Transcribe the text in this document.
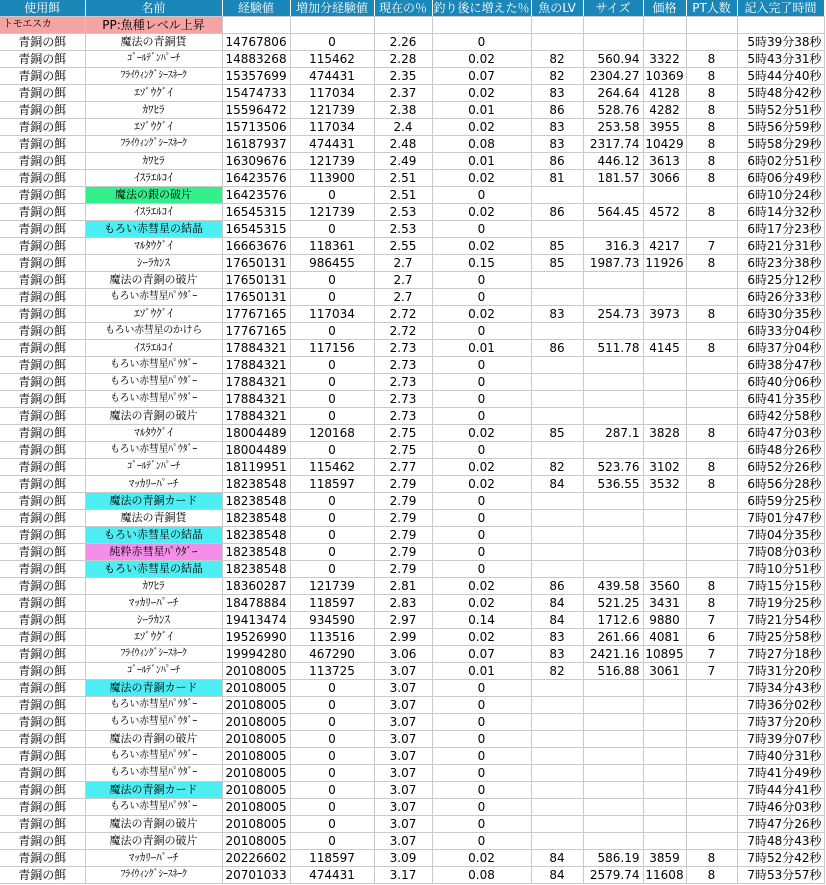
使用餌	名前	経験値	増加分経験値	現在の％	釣り後に増えた％	魚のLV	サイズ	価格	PT人数	記入完了時間
トモエスカ	PP:魚種レベル上昇									
青銅の餌	魔法の青銅貨	14767806	0	2.26	0					5時39分38秒
青銅の餌	ｺﾞｰﾙﾃﾞﾝﾊﾟｰﾁ	14883268	115462	2.28	0.02	82	560.94	3322	8	5時43分31秒
青銅の餌	ﾌﾗｲｳｨﾝｸﾞｼｰｽﾈｰｸ	15357699	474431	2.35	0.07	82	2304.27	10369	8	5時44分40秒
青銅の餌	ｴｿﾞｳｸﾞｲ	15474733	117034	2.37	0.02	83	264.64	4128	8	5時48分42秒
青銅の餌	ｶﾜﾋﾗ	15596472	121739	2.38	0.01	86	528.76	4282	8	5時52分51秒
青銅の餌	ｴｿﾞｳｸﾞｲ	15713506	117034	2.4	0.02	83	253.58	3955	8	5時56分59秒
青銅の餌	ﾌﾗｲｳｨﾝｸﾞｼｰｽﾈｰｸ	16187937	474431	2.48	0.08	83	2317.74	10429	8	5時58分29秒
青銅の餌	ｶﾜﾋﾗ	16309676	121739	2.49	0.01	86	446.12	3613	8	6時02分51秒
青銅の餌	ｲｽﾗｴﾙｺｲ	16423576	113900	2.51	0.02	81	181.57	3066	8	6時06分49秒
青銅の餌	魔法の銀の破片	16423576	0	2.51	0					6時10分24秒
青銅の餌	ｲｽﾗｴﾙｺｲ	16545315	121739	2.53	0.02	86	564.45	4572	8	6時14分32秒
青銅の餌	もろい赤彗星の結晶	16545315	0	2.53	0					6時17分23秒
青銅の餌	ﾏﾙﾀｳｸﾞｲ	16663676	118361	2.55	0.02	85	316.3	4217	7	6時21分31秒
青銅の餌	ｼｰﾗｶﾝｽ	17650131	986455	2.7	0.15	85	1987.73	11926	8	6時23分38秒
青銅の餌	魔法の青銅の破片	17650131	0	2.7	0					6時25分12秒
青銅の餌	もろい赤彗星ﾊﾟｳﾀﾞｰ	17650131	0	2.7	0					6時26分33秒
青銅の餌	ｴｿﾞｳｸﾞｲ	17767165	117034	2.72	0.02	83	254.73	3973	8	6時30分35秒
青銅の餌	もろい赤彗星のかけら	17767165	0	2.72	0					6時33分04秒
青銅の餌	ｲｽﾗｴﾙｺｲ	17884321	117156	2.73	0.01	86	511.78	4145	8	6時37分04秒
青銅の餌	もろい赤彗星ﾊﾟｳﾀﾞｰ	17884321	0	2.73	0					6時38分47秒
青銅の餌	もろい赤彗星ﾊﾟｳﾀﾞｰ	17884321	0	2.73	0					6時40分06秒
青銅の餌	もろい赤彗星ﾊﾟｳﾀﾞｰ	17884321	0	2.73	0					6時41分35秒
青銅の餌	魔法の青銅の破片	17884321	0	2.73	0					6時42分58秒
青銅の餌	ﾏﾙﾀｳｸﾞｲ	18004489	120168	2.75	0.02	85	287.1	3828	8	6時47分03秒
青銅の餌	もろい赤彗星ﾊﾟｳﾀﾞｰ	18004489	0	2.75	0					6時48分26秒
青銅の餌	ｺﾞｰﾙﾃﾞﾝﾊﾟｰﾁ	18119951	115462	2.77	0.02	82	523.76	3102	8	6時52分26秒
青銅の餌	ﾏｯｶﾘｰﾊﾟｰﾁ	18238548	118597	2.79	0.02	84	536.55	3532	8	6時56分28秒
青銅の餌	魔法の青銅カード	18238548	0	2.79	0					6時59分25秒
青銅の餌	魔法の青銅貨	18238548	0	2.79	0					7時01分47秒
青銅の餌	もろい赤彗星の結晶	18238548	0	2.79	0					7時04分35秒
青銅の餌	純粋赤彗星ﾊﾟｳﾀﾞｰ	18238548	0	2.79	0					7時08分03秒
青銅の餌	もろい赤彗星の結晶	18238548	0	2.79	0					7時10分51秒
青銅の餌	ｶﾜﾋﾗ	18360287	121739	2.81	0.02	86	439.58	3560	8	7時15分15秒
青銅の餌	ﾏｯｶﾘｰﾊﾟｰﾁ	18478884	118597	2.83	0.02	84	521.25	3431	8	7時19分25秒
青銅の餌	ｼｰﾗｶﾝｽ	19413474	934590	2.97	0.14	84	1712.6	9880	7	7時21分54秒
青銅の餌	ｴｿﾞｳｸﾞｲ	19526990	113516	2.99	0.02	83	261.66	4081	6	7時25分58秒
青銅の餌	ﾌﾗｲｳｨﾝｸﾞｼｰｽﾈｰｸ	19994280	467290	3.06	0.07	83	2421.16	10895	7	7時27分18秒
青銅の餌	ｺﾞｰﾙﾃﾞﾝﾊﾟｰﾁ	20108005	113725	3.07	0.01	82	516.88	3061	7	7時31分20秒
青銅の餌	魔法の青銅カード	20108005	0	3.07	0					7時34分43秒
青銅の餌	もろい赤彗星ﾊﾟｳﾀﾞｰ	20108005	0	3.07	0					7時36分02秒
青銅の餌	もろい赤彗星ﾊﾟｳﾀﾞｰ	20108005	0	3.07	0					7時37分20秒
青銅の餌	魔法の青銅の破片	20108005	0	3.07	0					7時39分07秒
青銅の餌	もろい赤彗星ﾊﾟｳﾀﾞｰ	20108005	0	3.07	0					7時40分31秒
青銅の餌	もろい赤彗星ﾊﾟｳﾀﾞｰ	20108005	0	3.07	0					7時41分49秒
青銅の餌	魔法の青銅カード	20108005	0	3.07	0					7時44分41秒
青銅の餌	もろい赤彗星ﾊﾟｳﾀﾞｰ	20108005	0	3.07	0					7時46分03秒
青銅の餌	魔法の青銅の破片	20108005	0	3.07	0					7時47分26秒
青銅の餌	魔法の青銅の破片	20108005	0	3.07	0					7時48分43秒
青銅の餌	ﾏｯｶﾘｰﾊﾟｰﾁ	20226602	118597	3.09	0.02	84	586.19	3859	8	7時52分42秒
青銅の餌	ﾌﾗｲｳｨﾝｸﾞｼｰｽﾈｰｸ	20701033	474431	3.17	0.08	84	2579.74	11608	8	7時53分57秒
